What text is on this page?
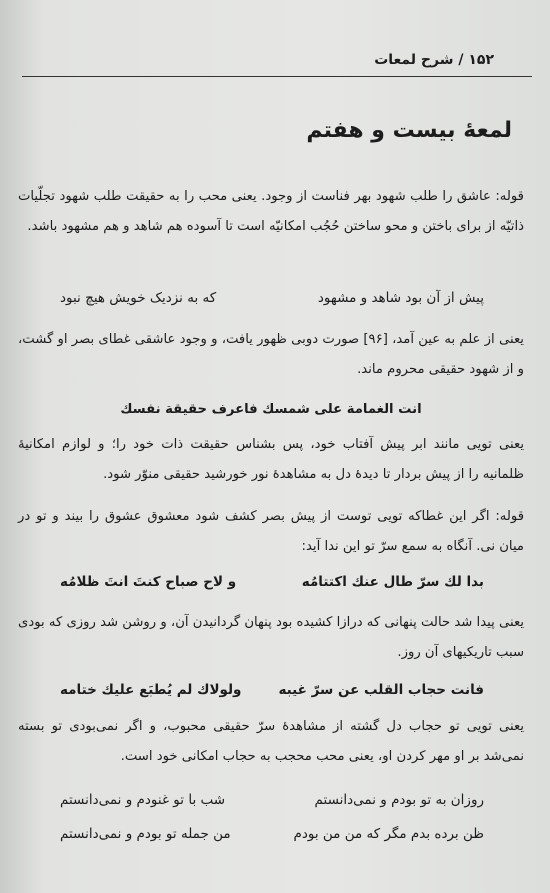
۱۵۲ / شرح لمعات
لمعهٔ بیست و هفتم
قوله: عاشق را طلب شهود بهر فناست از وجود. یعنی محب را به حقیقت طلب شهود تجلّیات ذاتیّه از برای باختن و محو ساختن حُجُب امکانیّه است تا آسوده هم شاهد و هم مشهود باشد.
پیش از آن بود شاهد و مشهود
که به نزدیک خویش هیچ نبود
یعنی از علم به عین آمد، [۹۶] صورت دوبی ظهور یافت، و وجود عاشقی غطای بصر او گشت، و از شهود حقیقی محروم ماند.
انت الغمامة علی شمسك فاعرف حقیقة نفسك
یعنی تویی مانند ابر پیش آفتاب خود، پس بشناس حقیقت ذات خود را؛ و لوازم امکانیهٔ ظلمانیه را از پیش بردار تا دیدهٔ دل به مشاهدهٔ نور خورشید حقیقی منوّر شود.
قوله: اگر این غطاکه تویی توست از پیش بصر کشف شود معشوق عشوق را بیند و تو در میان نی. آنگاه به سمع سرّ تو این ندا آید:
بدا لك سرّ طال عنك اکتتامُه
و لاح صباح کنتَ انتَ ظلامُه
یعنی پیدا شد حالت پنهانی که درازا کشیده بود پنهان گردانیدن آن، و روشن شد روزی که بودی سبب تاریکیهای آن روز.
فانت حجاب القلب عن سرّ غیبه
ولولاك لم یُطبَع علیك ختامه
یعنی تویی تو حجاب دل گشته از مشاهدهٔ سرّ حقیقی محبوب، و اگر نمی‌بودی تو بسته نمی‌شد بر او مهر کردن او، یعنی محب محجب به حجاب امکانی خود است.
روزان به تو بودم و نمی‌دانستم
شب با تو غنودم و نمی‌دانستم
ظن برده بدم مگر که من من بودم
من جمله تو بودم و نمی‌دانستم
